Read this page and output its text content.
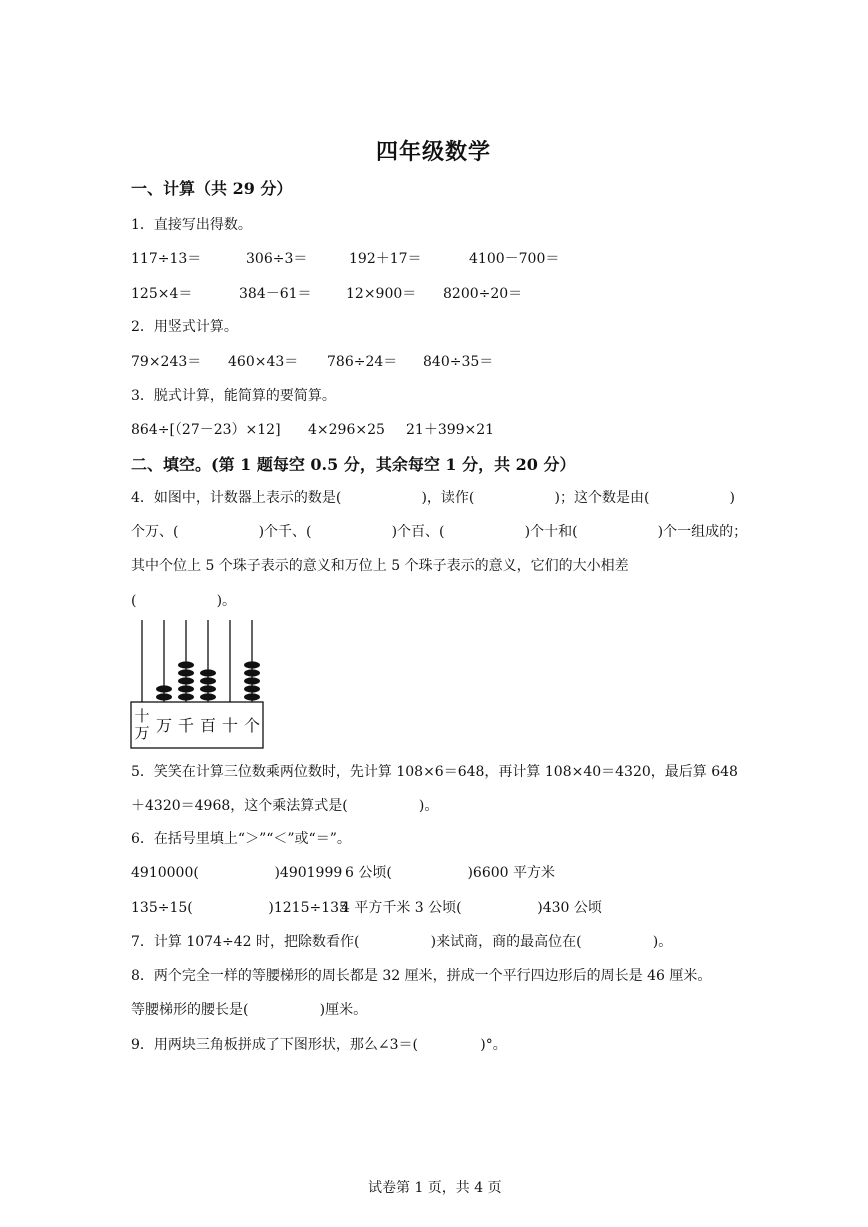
四年级数学
一、计算（共 29 分）
1．直接写出得数。
117÷13＝	306÷3＝	192＋17＝	4100－700＝
125×4＝	384－61＝ 12×900＝ 8200÷20＝
2．用竖式计算。
79×243＝ 460×43＝ 786÷24＝ 840÷35＝
3．脱式计算，能简算的要简算。
864÷[（27－23）×12] 4×296×25 21＋399×21
二、填空。(第 1 题每空 0.5 分，其余每空 1 分，共 20 分）
4．如图中，计数器上表示的数是(                  )，读作(                  )；这个数是由(                  )
个万、(                  )个千、(                  )个百、(                  )个十和(                  )个一组成的；
其中个位上 5 个珠子表示的意义和万位上 5 个珠子表示的意义，它们的大小相差
(                  )。
十
万 万 千 百 十 个
5．笑笑在计算三位数乘两位数时，先计算 108×6＝648，再计算 108×40＝4320，最后算 648
＋4320＝4968，这个乘法算式是(                )。
6．在括号里填上“＞”“＜”或“＝”。
4910000(                 )4901999 6 公顷(                 )6600 平方米
135÷15(                 )1215÷135
4 平方千米 3 公顷(                 )430 公顷
7．计算 1074÷42 时，把除数看作(                )来试商，商的最高位在(                )。
8．两个完全一样的等腰梯形的周长都是 32 厘米，拼成一个平行四边形后的周长是 46 厘米。
等腰梯形的腰长是(                )厘米。
9．用两块三角板拼成了下图形状，那么∠3＝(              )°。
试卷第 1 页，共 4 页
